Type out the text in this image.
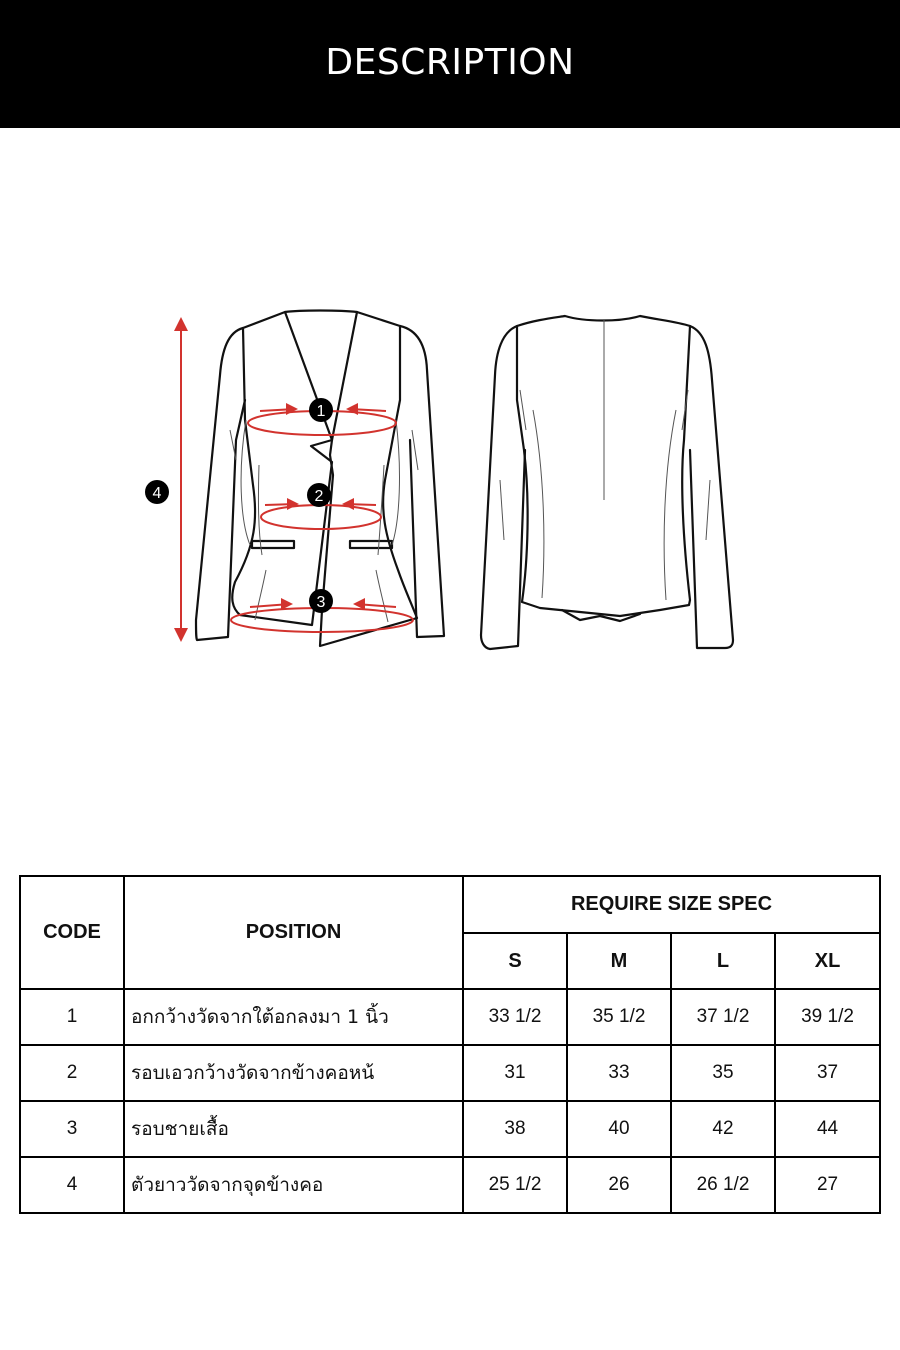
DESCRIPTION
1
2
3
4
CODE	POSITION	REQUIRE SIZE SPEC			
		S	M	L	XL
1	อกกว้างวัดจากใต้อกลงมา 1 นิ้ว	33 1/2	35 1/2	37 1/2	39 1/2
2	รอบเอวกว้างวัดจากข้างคอหน้	31	33	35	37
3	รอบชายเสื้อ	38	40	42	44
4	ตัวยาววัดจากจุดข้างคอ	25 1/2	26	26 1/2	27
